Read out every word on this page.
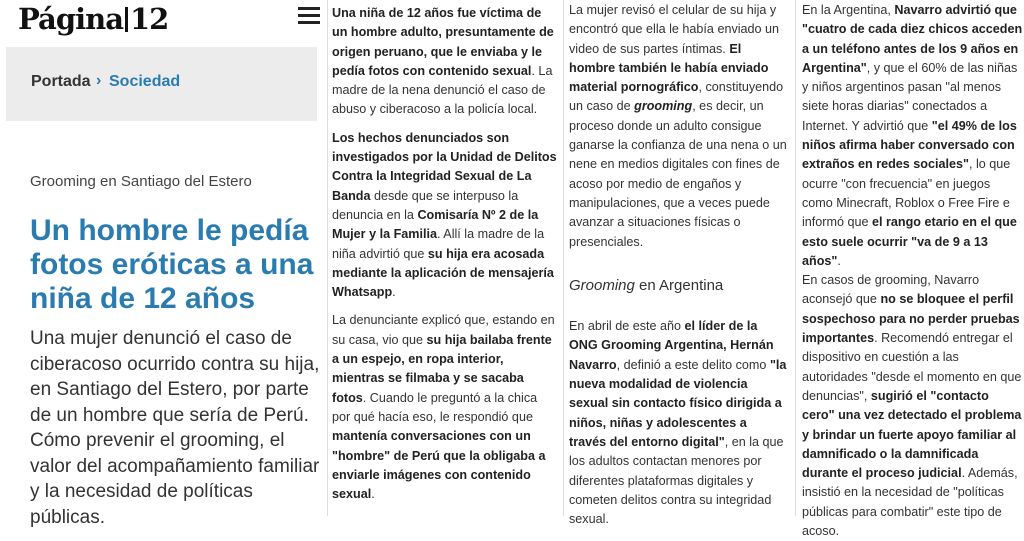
Página 12
Portada › Sociedad
Grooming en Santiago del Estero
Un hombre le pedía fotos eróticas a una niña de 12 años

Una mujer denunció el caso de ciberacoso ocurrido contra su hija, en Santiago del Estero, por parte de un hombre que sería de Perú. Cómo prevenir el grooming, el valor del acompañamiento familiar y la necesidad de políticas públicas.

Una niña de 12 años fue víctima de un hombre adulto, presuntamente de origen peruano, que le enviaba y le pedía fotos con contenido sexual. La madre de la nena denunció el caso de abuso y ciberacoso a la policía local.

Los hechos denunciados son investigados por la Unidad de Delitos Contra la Integridad Sexual de La Banda desde que se interpuso la denuncia en la Comisaría Nº 2 de la Mujer y la Familia. Allí la madre de la niña advirtió que su hija era acosada mediante la aplicación de mensajería Whatsapp.

La denunciante explicó que, estando en su casa, vio que su hija bailaba frente a un espejo, en ropa interior, mientras se filmaba y se sacaba fotos. Cuando le preguntó a la chica por qué hacía eso, le respondió que mantenía conversaciones con un "hombre" de Perú que la obligaba a enviarle imágenes con contenido sexual.

La mujer revisó el celular de su hija y encontró que ella le había enviado un video de sus partes íntimas. El hombre también le había enviado material pornográfico, constituyendo un caso de grooming, es decir, un proceso donde un adulto consigue ganarse la confianza de una nena o un nene en medios digitales con fines de acoso por medio de engaños y manipulaciones, que a veces puede avanzar a situaciones físicas o presenciales.

Grooming en Argentina

En abril de este año el líder de la ONG Grooming Argentina, Hernán Navarro, definió a este delito como "la nueva modalidad de violencia sexual sin contacto físico dirigida a niños, niñas y adolescentes a través del entorno digital", en la que los adultos contactan menores por diferentes plataformas digitales y cometen delitos contra su integridad sexual.

En la Argentina, Navarro advirtió que "cuatro de cada diez chicos acceden a un teléfono antes de los 9 años en Argentina", y que el 60% de las niñas y niños argentinos pasan "al menos siete horas diarias" conectados a Internet. Y advirtió que "el 49% de los niños afirma haber conversado con extraños en redes sociales", lo que ocurre "con frecuencia" en juegos como Minecraft, Roblox o Free Fire e informó que el rango etario en el que esto suele ocurrir "va de 9 a 13 años".

En casos de grooming, Navarro aconsejó que no se bloquee el perfil sospechoso para no perder pruebas importantes. Recomendó entregar el dispositivo en cuestión a las autoridades "desde el momento en que denuncias", sugirió el "contacto cero" una vez detectado el problema y brindar un fuerte apoyo familiar al damnificado o la damnificada durante el proceso judicial. Además, insistió en la necesidad de "políticas públicas para combatir" este tipo de acoso.
